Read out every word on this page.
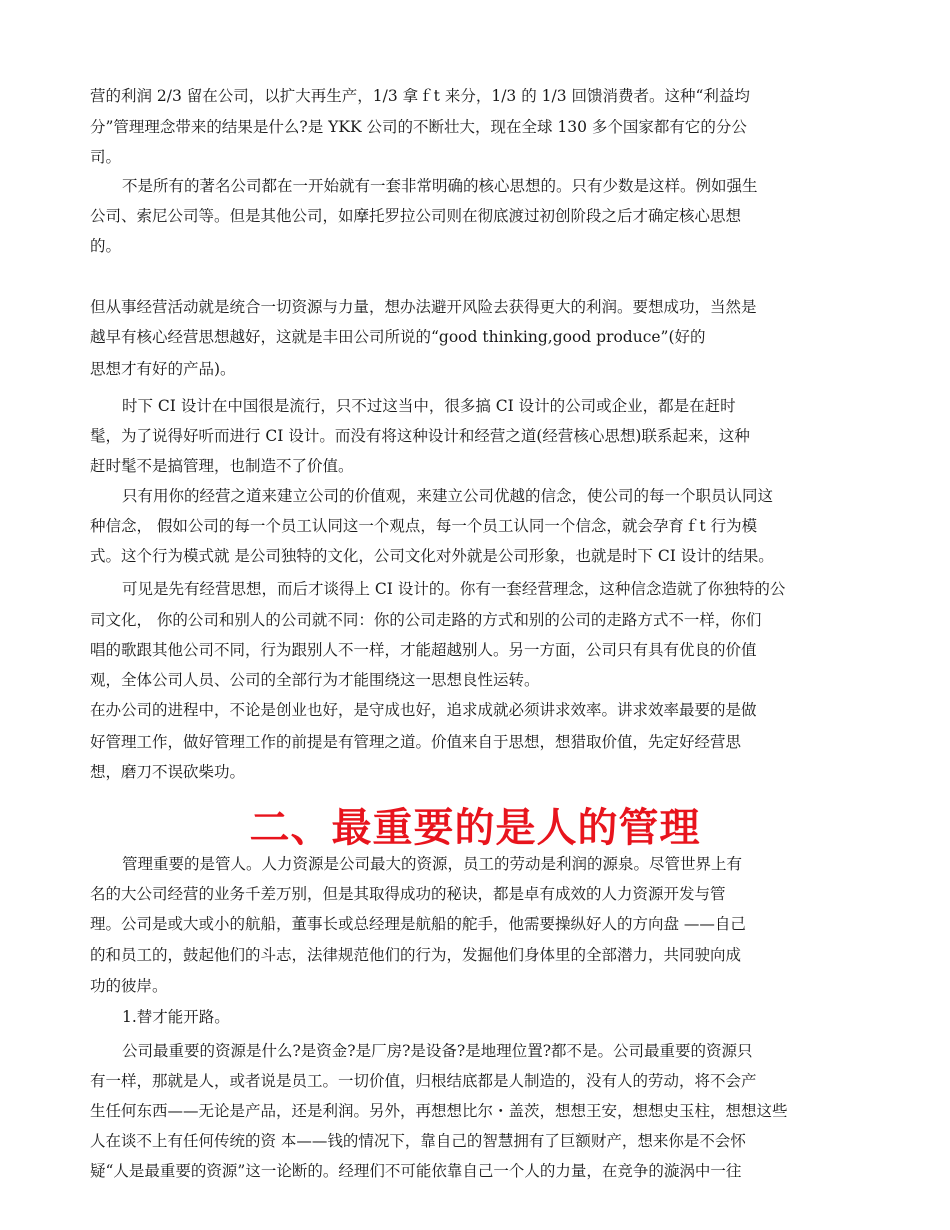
营的利润 2/3 留在公司，以扩大再生产，1/3 拿ｆt 来分，1/3 的 1/3 回馈消费者。这种“利益均
分”管理理念带来的结果是什么?是 YKK 公司的不断壮大，现在全球 130 多个国家都有它的分公
司。
不是所有的著名公司都在一开始就有一套非常明确的核心思想的。只有少数是这样。例如强生
公司、索尼公司等。但是其他公司，如摩托罗拉公司则在彻底渡过初创阶段之后才确定核心思想
的。
但从事经营活动就是统合一切资源与力量，想办法避开风险去获得更大的利润。要想成功，当然是
越早有核心经营思想越好，这就是丰田公司所说的“good thinking,good produce”(好的
思想才有好的产品)。
时下 CI 设计在中国很是流行，只不过这当中，很多搞 CI 设计的公司或企业，都是在赶时
髦，为了说得好听而进行 CI 设计。而没有将这种设计和经营之道(经营核心思想)联系起来，这种
赶时髦不是搞管理，也制造不了价值。
只有用你的经营之道来建立公司的价值观，来建立公司优越的信念，使公司的每一个职员认同这
种信念， 假如公司的每一个员工认同这一个观点，每一个员工认同一个信念，就会孕育ｆt 行为模
式。这个行为模式就 是公司独特的文化，公司文化对外就是公司形象，也就是时下 CI 设计的结果。
可见是先有经营思想，而后才谈得上 CI 设计的。你有一套经营理念，这种信念造就了你独特的公
司文化， 你的公司和别人的公司就不同：你的公司走路的方式和别的公司的走路方式不一样，你们
唱的歌跟其他公司不同，行为跟别人不一样，才能超越别人。另一方面，公司只有具有优良的价值
观，全体公司人员、公司的全部行为才能围绕这一思想良性运转。
在办公司的进程中，不论是创业也好，是守成也好，追求成就必须讲求效率。讲求效率最要的是做
好管理工作，做好管理工作的前提是有管理之道。价值来自于思想，想猎取价值，先定好经营思
想，磨刀不误砍柴功。
二、最重要的是人的管理
管理重要的是管人。人力资源是公司最大的资源，员工的劳动是利润的源泉。尽管世界上有
名的大公司经营的业务千差万别，但是其取得成功的秘诀，都是卓有成效的人力资源开发与管
理。公司是或大或小的航船，董事长或总经理是航船的舵手，他需要操纵好人的方向盘 ——自己
的和员工的，鼓起他们的斗志，法律规范他们的行为，发掘他们身体里的全部潜力，共同驶向成
功的彼岸。
1.替才能开路。
公司最重要的资源是什么?是资金?是厂房?是设备?是地理位置?都不是。公司最重要的资源只
有一样，那就是人，或者说是员工。一切价值，归根结底都是人制造的，没有人的劳动，将不会产
生任何东西——无论是产品，还是利润。另外，再想想比尔・盖茨，想想王安，想想史玉柱，想想这些
人在谈不上有任何传统的资 本——钱的情况下，靠自己的智慧拥有了巨额财产，想来你是不会怀
疑“人是最重要的资源”这一论断的。经理们不可能依靠自己一个人的力量，在竞争的漩涡中一往
